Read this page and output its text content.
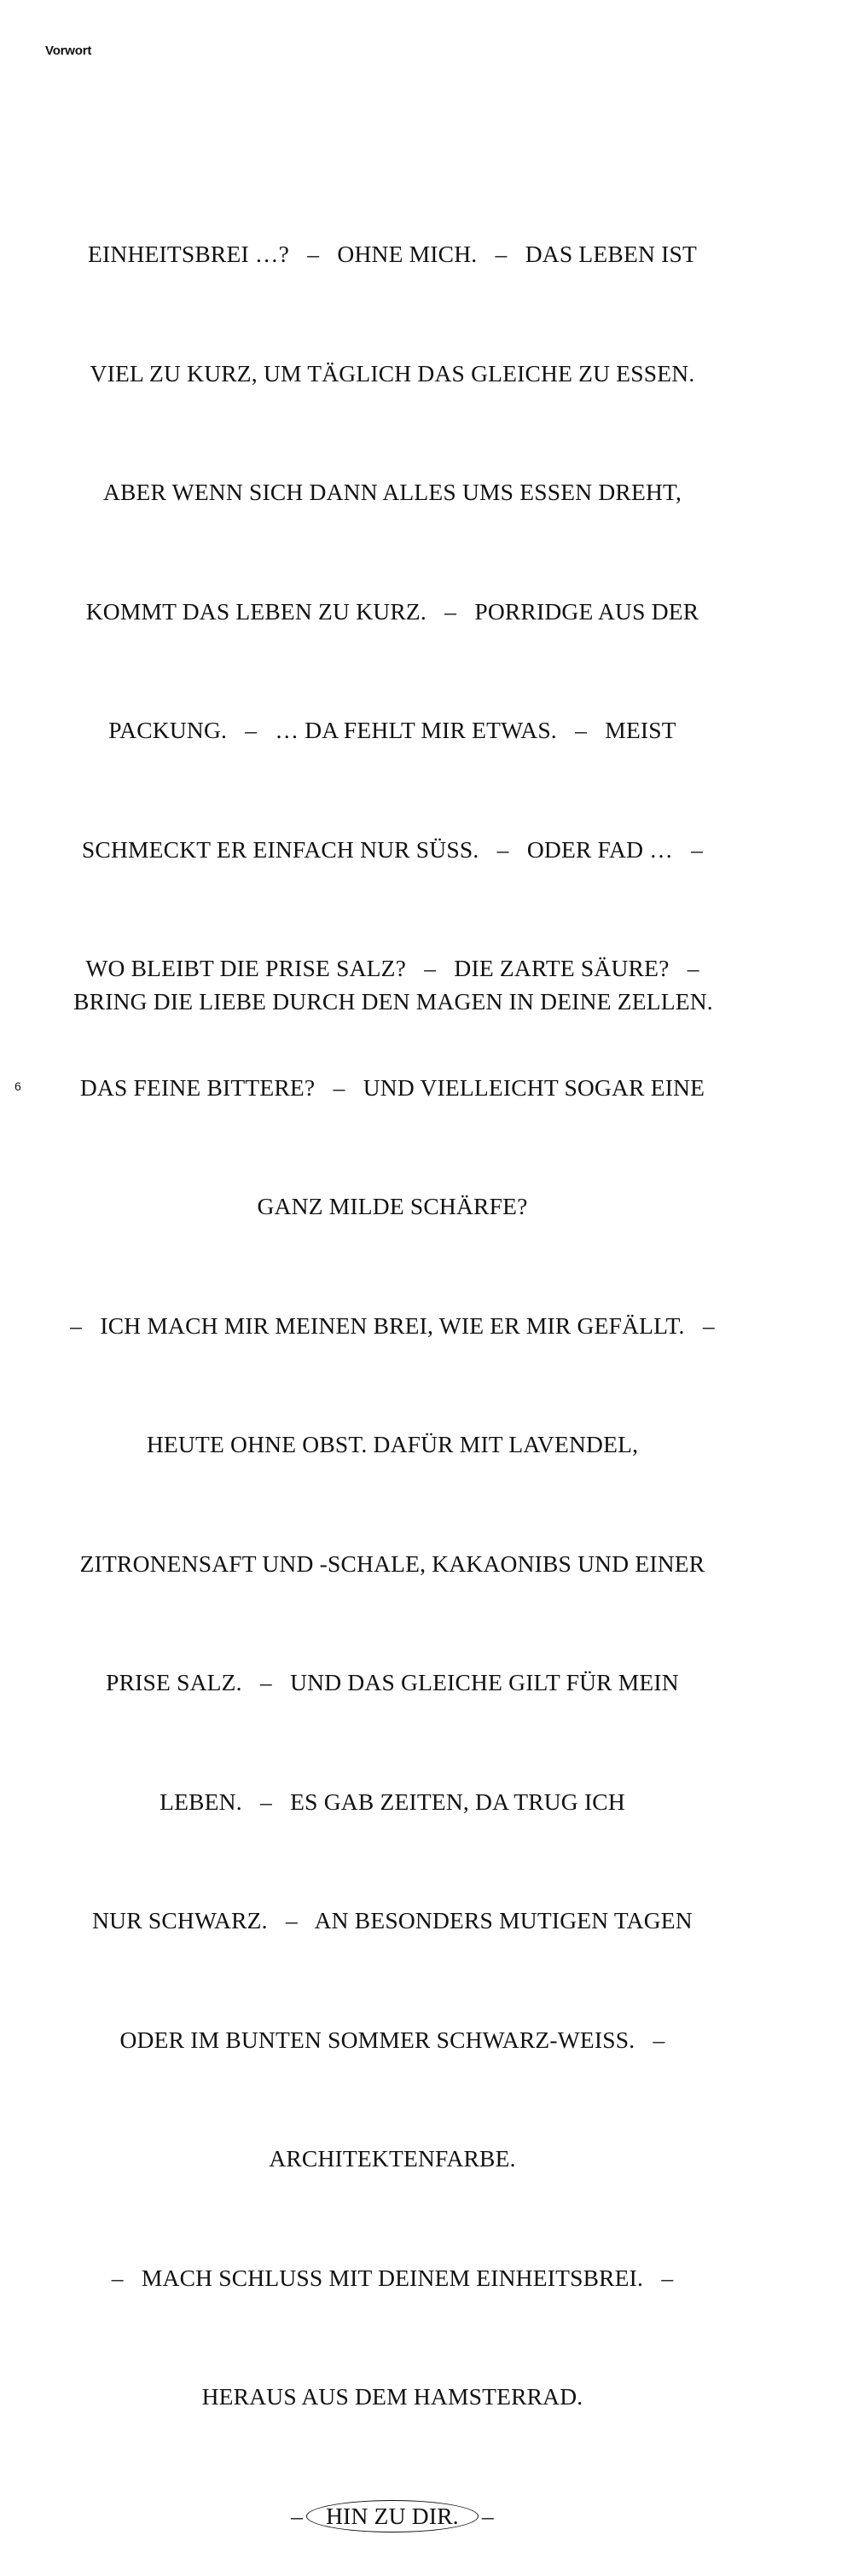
Vorwort

EINHEITSBREI …?   –   OHNE MICH.   –   DAS LEBEN IST

VIEL ZU KURZ, UM TÄGLICH DAS GLEICHE ZU ESSEN.

ABER WENN SICH DANN ALLES UMS ESSEN DREHT,

KOMMT DAS LEBEN ZU KURZ.   –   PORRIDGE AUS DER

PACKUNG.   –   … DA FEHLT MIR ETWAS.   –   MEIST

SCHMECKT ER EINFACH NUR SÜSS.   –   ODER FAD …   –

WO BLEIBT DIE PRISE SALZ?   –   DIE ZARTE SÄURE?   –

DAS FEINE BITTERE?   –   UND VIELLEICHT SOGAR EINE

GANZ MILDE SCHÄRFE?

–   ICH MACH MIR MEINEN BREI, WIE ER MIR GEFÄLLT.   –

HEUTE OHNE OBST. DAFÜR MIT LAVENDEL,

ZITRONENSAFT UND -SCHALE, KAKAONIBS UND EINER

PRISE SALZ.   –   UND DAS GLEICHE GILT FÜR MEIN

LEBEN.   –   ES GAB ZEITEN, DA TRUG ICH

NUR SCHWARZ.   –   AN BESONDERS MUTIGEN TAGEN

ODER IM BUNTEN SOMMER SCHWARZ-WEISS.   –

ARCHITEKTENFARBE.

–   MACH SCHLUSS MIT DEINEM EINHEITSBREI.   –

HERAUS AUS DEM HAMSTERRAD.

– HIN ZU DIR. –

BRING DIE LIEBE DURCH DEN MAGEN IN DEINE ZELLEN.
6
